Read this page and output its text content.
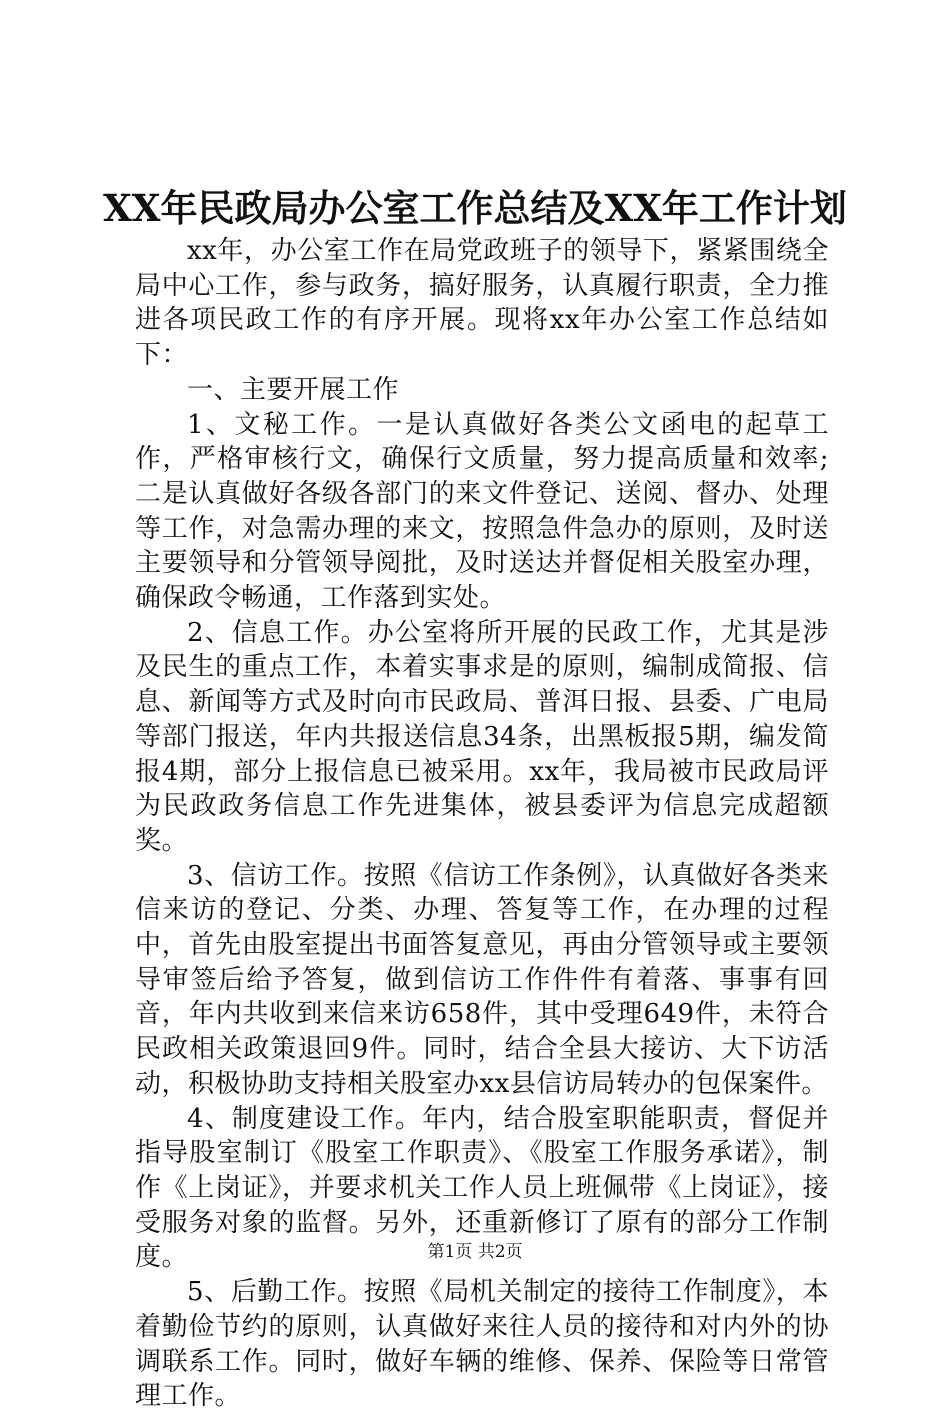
XX年民政局办公室工作总结及XX年工作计划

xx年，办公室工作在局党政班子的领导下，紧紧围绕全局中心工作，参与政务，搞好服务，认真履行职责，全力推进各项民政工作的有序开展。现将xx年办公室工作总结如下：

一、主要开展工作

1、文秘工作。一是认真做好各类公文函电的起草工作，严格审核行文，确保行文质量，努力提高质量和效率;二是认真做好各级各部门的来文件登记、送阅、督办、处理等工作，对急需办理的来文，按照急件急办的原则，及时送主要领导和分管领导阅批，及时送达并督促相关股室办理，确保政令畅通，工作落到实处。

2、信息工作。办公室将所开展的民政工作，尤其是涉及民生的重点工作，本着实事求是的原则，编制成简报、信息、新闻等方式及时向市民政局、普洱日报、县委、广电局等部门报送，年内共报送信息34条，出黑板报5期，编发简报4期，部分上报信息已被采用。xx年，我局被市民政局评为民政政务信息工作先进集体，被县委评为信息完成超额奖。

3、信访工作。按照《信访工作条例》，认真做好各类来信来访的登记、分类、办理、答复等工作，在办理的过程中，首先由股室提出书面答复意见，再由分管领导或主要领导审签后给予答复，做到信访工作件件有着落、事事有回音，年内共收到来信来访658件，其中受理649件，未符合民政相关政策退回9件。同时，结合全县大接访、大下访活动，积极协助支持相关股室办xx县信访局转办的包保案件。

4、制度建设工作。年内，结合股室职能职责，督促并指导股室制订《股室工作职责》、《股室工作服务承诺》，制作《上岗证》，并要求机关工作人员上班佩带《上岗证》，接受服务对象的监督。另外，还重新修订了原有的部分工作制度。

5、后勤工作。按照《局机关制定的接待工作制度》，本着勤俭节约的原则，认真做好来往人员的接待和对内外的协调联系工作。同时，做好车辆的维修、保养、保险等日常管理工作。

第1页 共2页
